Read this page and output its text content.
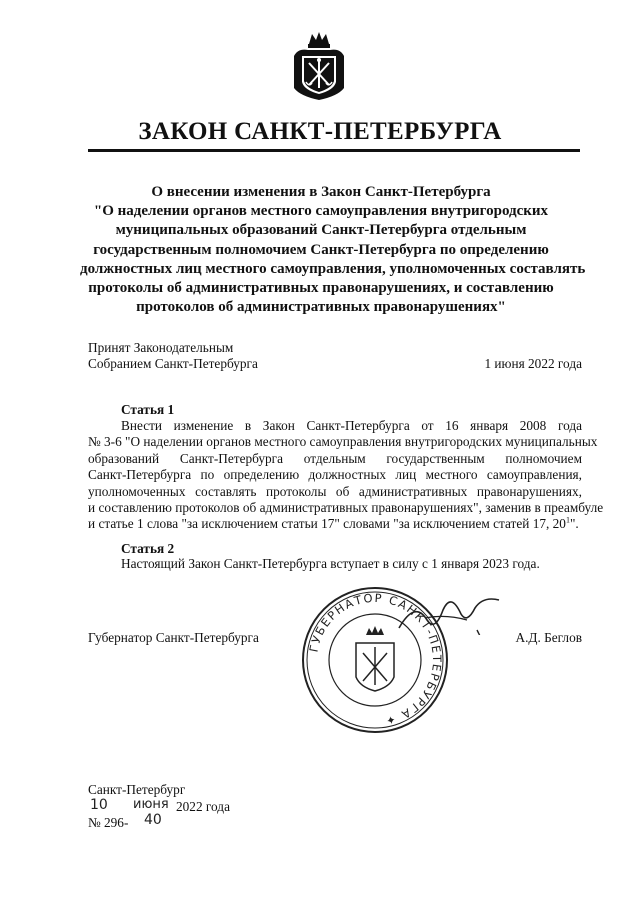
ЗАКОН САНКТ-ПЕТЕРБУРГА
О внесении изменения в Закон Санкт-Петербурга
"О наделении органов местного самоуправления внутригородских
муниципальных образований Санкт-Петербурга отдельным
государственным полномочием Санкт-Петербурга по определению
должностных лиц местного самоуправления, уполномоченных составлять
протоколы об административных правонарушениях, и составлению
протоколов об административных правонарушениях"
Принят Законодательным
Собранием Санкт-Петербурга	1 июня 2022 года
Статья 1
Внести изменение в Закон Санкт-Петербурга от 16 января 2008 года
№ 3-6 "О наделении органов местного самоуправления внутригородских муниципальных
образований Санкт-Петербурга отдельным государственным полномочием
Санкт-Петербурга по определению должностных лиц местного самоуправления,
уполномоченных составлять протоколы об административных правонарушениях,
и составлению протоколов об административных правонарушениях", заменив в преамбуле
и статье 1 слова "за исключением статьи 17" словами "за исключением статей 17, $20^1$".
Статья 2
Настоящий Закон Санкт-Петербурга вступает в силу с 1 января 2023 года.
Губернатор Санкт-Петербурга
ГУБЕРНАТОР САНКТ-ПЕТЕРБУРГА ✦
А.Д. Беглов
Санкт-Петербург
10 июня 2022 года
№ 296- 40
